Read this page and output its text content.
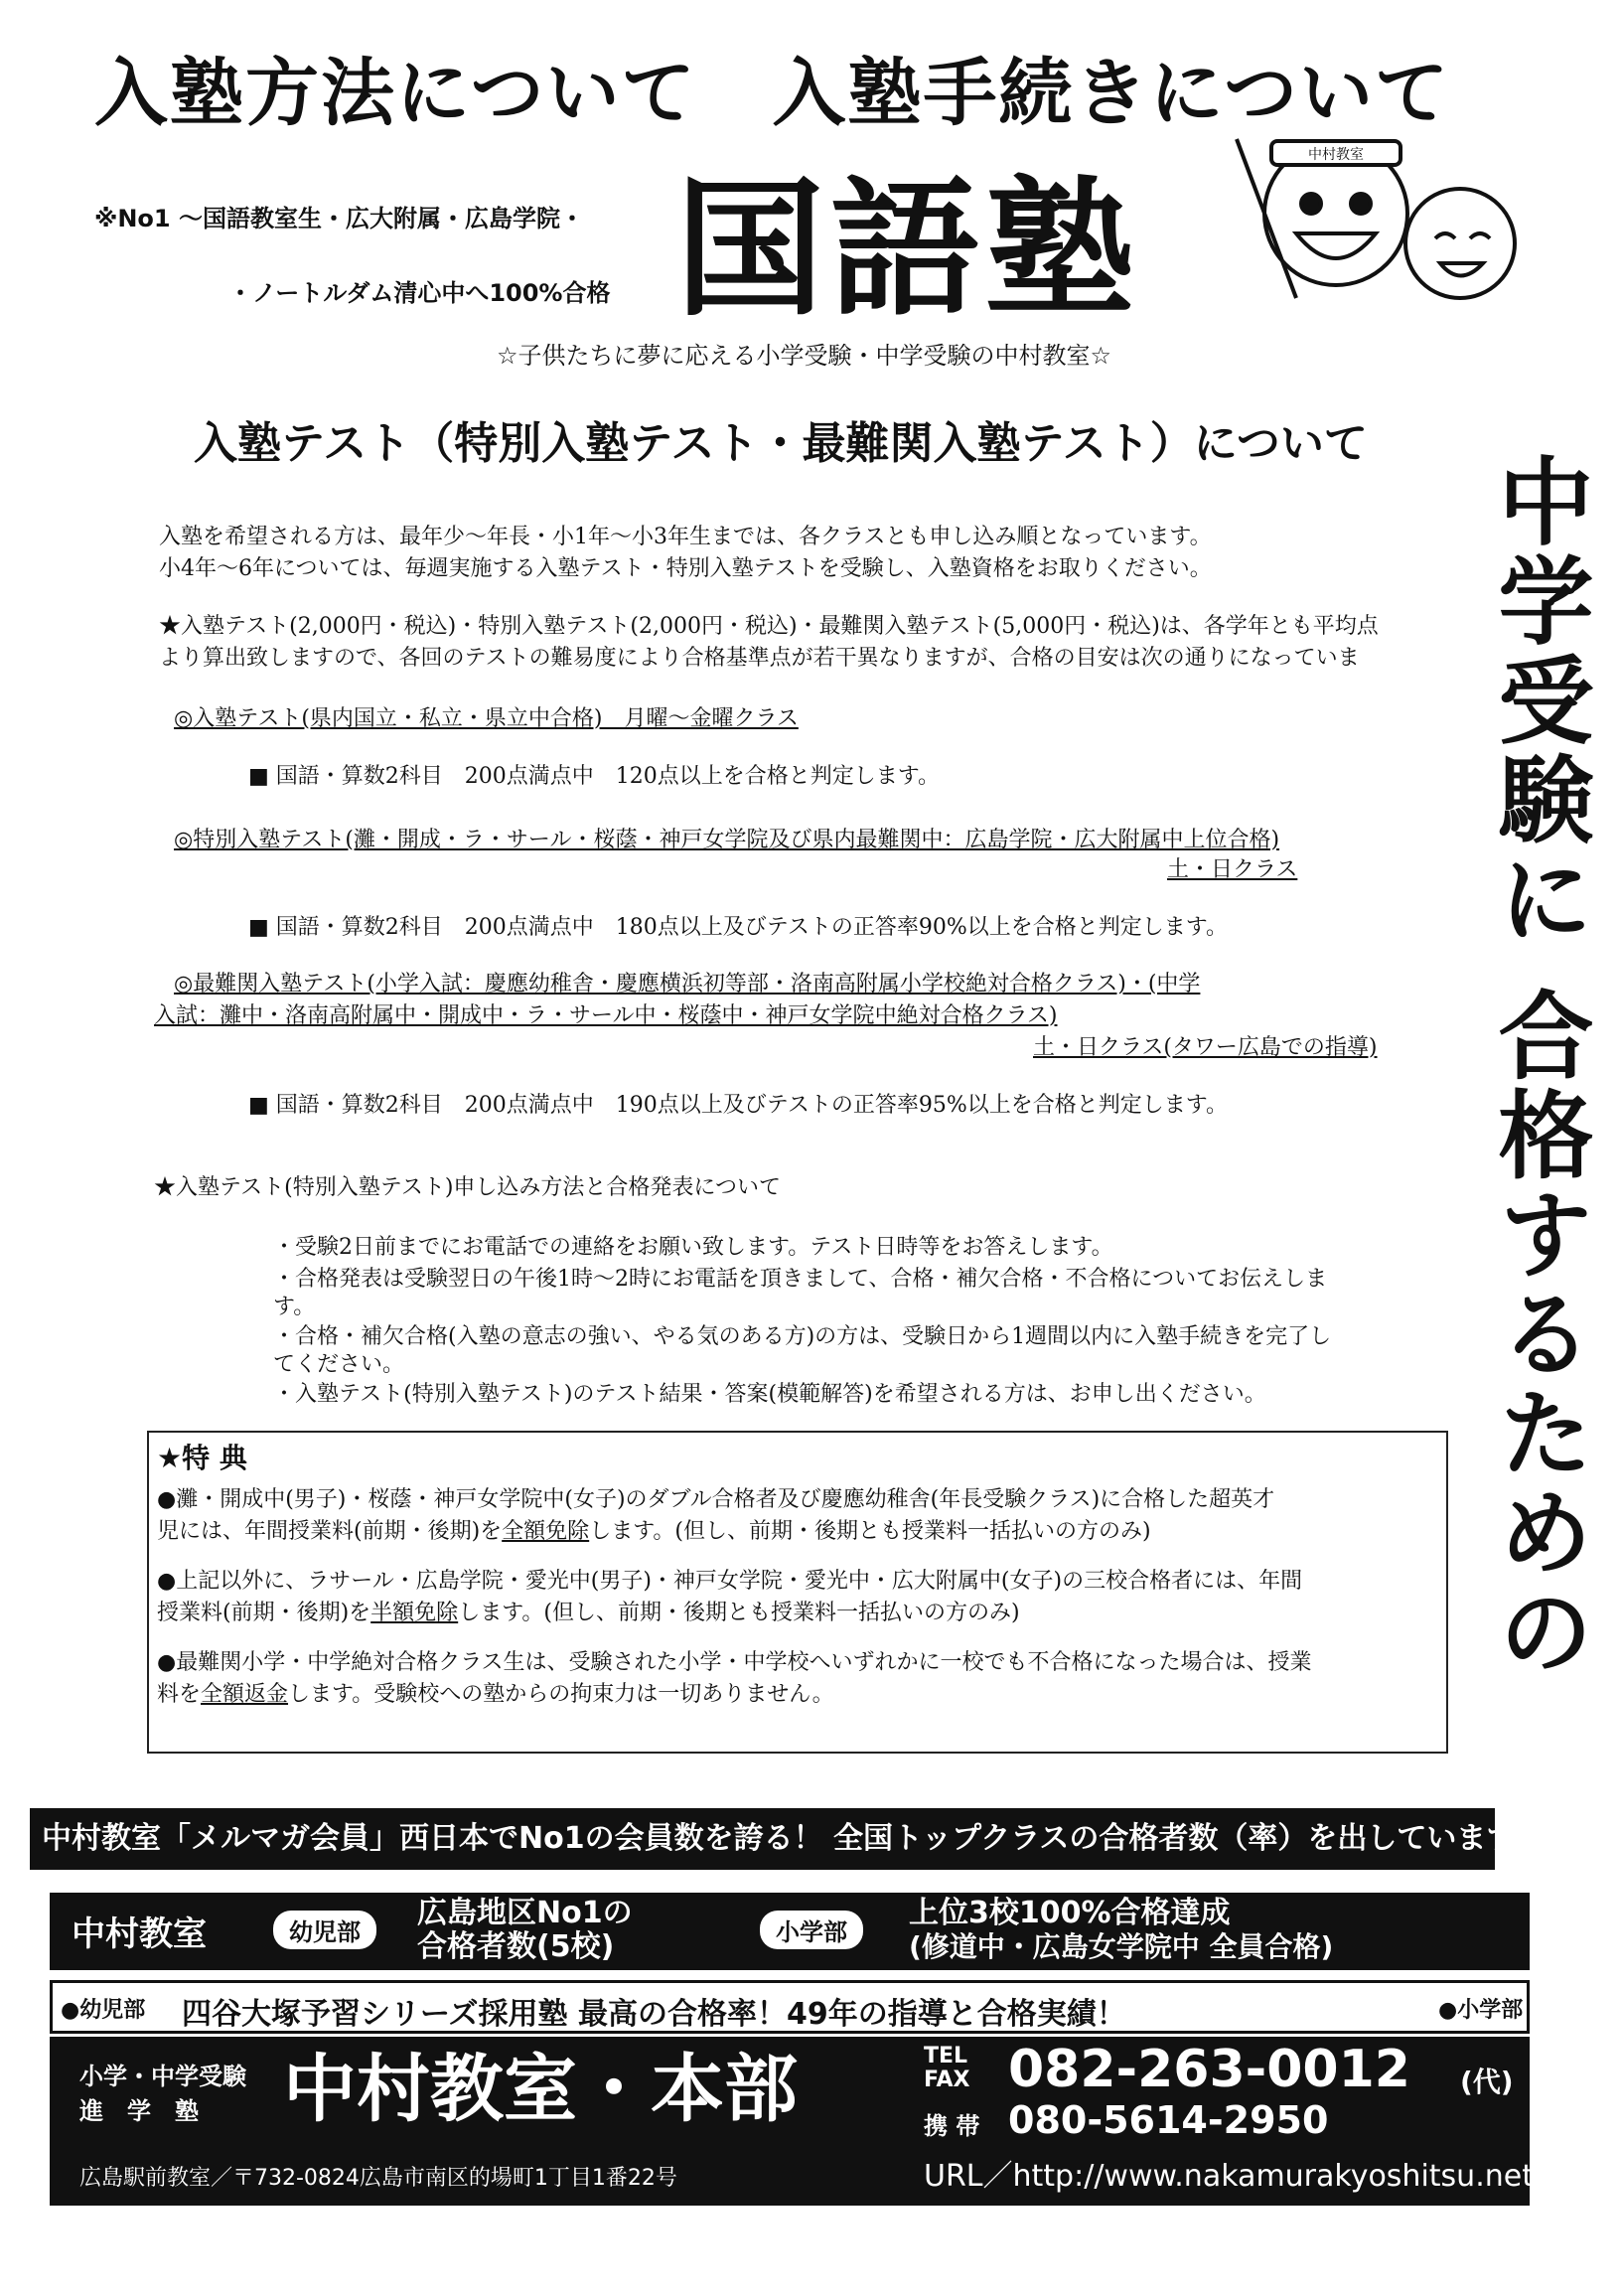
入塾方法について　入塾手続きについて
※No1 ～国語教室生・広大附属・広島学院・
・ノートルダム清心中へ100%合格 国語塾
中村教室
☆子供たちに夢に応える小学受験・中学受験の中村教室☆
入塾テスト（特別入塾テスト・最難関入塾テスト）について
中学受験に 合格するための
入塾を希望される方は、最年少～年長・小1年～小3年生までは、各クラスとも申し込み順となっています。
小4年～6年については、毎週実施する入塾テスト・特別入塾テストを受験し、入塾資格をお取りください。
★入塾テスト(2,000円・税込)・特別入塾テスト(2,000円・税込)・最難関入塾テスト(5,000円・税込)は、各学年とも平均点
より算出致しますので、各回のテストの難易度により合格基準点が若干異なりますが、合格の目安は次の通りになっていま
◎入塾テスト(県内国立・私立・県立中合格)　月曜～金曜クラス
■ 国語・算数2科目　200点満点中　120点以上を合格と判定します。
◎特別入塾テスト(灘・開成・ラ・サール・桜蔭・神戸女学院及び県内最難関中：広島学院・広大附属中上位合格)
土・日クラス
■ 国語・算数2科目　200点満点中　180点以上及びテストの正答率90%以上を合格と判定します。
◎最難関入塾テスト(小学入試：慶應幼稚舎・慶應横浜初等部・洛南高附属小学校絶対合格クラス)・(中学
入試：灘中・洛南高附属中・開成中・ラ・サール中・桜蔭中・神戸女学院中絶対合格クラス)
土・日クラス(タワー広島での指導)
■ 国語・算数2科目　200点満点中　190点以上及びテストの正答率95%以上を合格と判定します。
★入塾テスト(特別入塾テスト)申し込み方法と合格発表について
・受験2日前までにお電話での連絡をお願い致します。テスト日時等をお答えします。
・合格発表は受験翌日の午後1時～2時にお電話を頂きまして、合格・補欠合格・不合格についてお伝えしま
す。
・合格・補欠合格(入塾の意志の強い、やる気のある方)の方は、受験日から1週間以内に入塾手続きを完了し
てください。
・入塾テスト(特別入塾テスト)のテスト結果・答案(模範解答)を希望される方は、お申し出ください。
★特 典
●灘・開成中(男子)・桜蔭・神戸女学院中(女子)のダブル合格者及び慶應幼稚舎(年長受験クラス)に合格した超英才
児には、年間授業料(前期・後期)を全額免除します。(但し、前期・後期とも授業料一括払いの方のみ)
●上記以外に、ラサール・広島学院・愛光中(男子)・神戸女学院・愛光中・広大附属中(女子)の三校合格者には、年間
授業料(前期・後期)を半額免除します。(但し、前期・後期とも授業料一括払いの方のみ)
●最難関小学・中学絶対合格クラス生は、受験された小学・中学校へいずれかに一校でも不合格になった場合は、授業
料を全額返金します。受験校への塾からの拘束力は一切ありません。
中村教室「メルマガ会員」西日本でNo1の会員数を誇る！ 全国トップクラスの合格者数（率）を出しています。
中村教室	幼児部
広島地区No1の
合格者数(5校)	小学部
上位3校100%合格達成
(修道中・広島女学院中 全員合格)
●幼児部 四谷大塚予習シリーズ採用塾 最高の合格率！49年の指導と合格実績！	●小学部
小学・中学受験
進　学　塾 中村教室・本部	TEL
FAX 082-263-0012 (代)
携 帯 080-5614-2950
広島駅前教室／〒732-0824広島市南区的場町1丁目1番22号	URL／http://www.nakamurakyoshitsu.net
